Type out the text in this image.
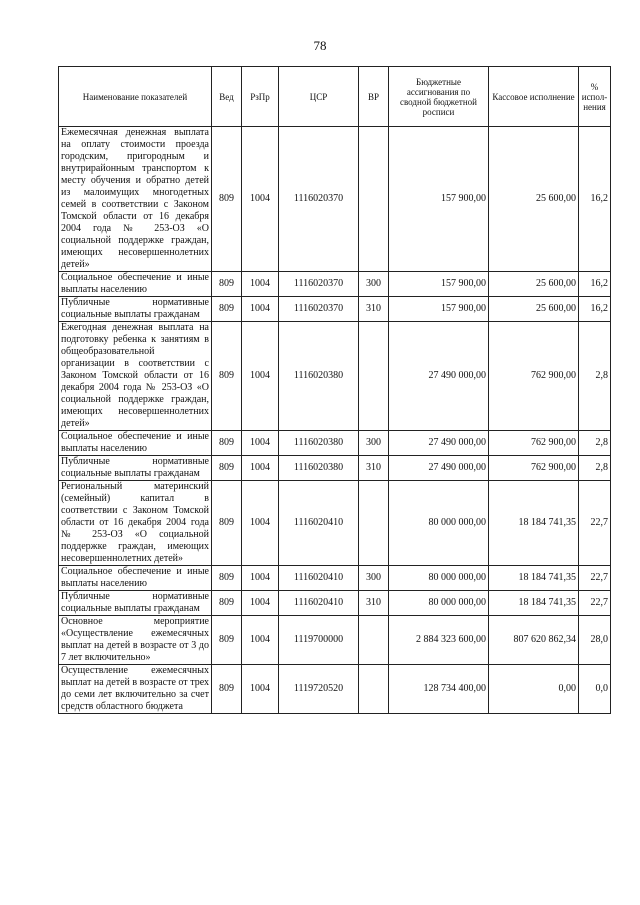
78
Наименование показателей	Вед	РзПр	ЦСР	ВР	Бюджетные ассигнования по сводной бюджетной росписи	Кассовое исполнение	% испол-нения
Ежемесячная денежная выплата на оплату стоимости проезда городским, пригородным и внутрирайонным транспортом к месту обучения и обратно детей из малоимущих многодетных семей в соответствии с Законом Томской области от 16 декабря 2004 года № 253-ОЗ «О социальной поддержке граждан, имеющих несовершеннолетних детей»	809	1004	1116020370		157 900,00	25 600,00	16,2
Социальное обеспечение и иные выплаты населению	809	1004	1116020370	300	157 900,00	25 600,00	16,2
Публичные нормативные социальные выплаты гражданам	809	1004	1116020370	310	157 900,00	25 600,00	16,2
Ежегодная денежная выплата на подготовку ребенка к занятиям в общеобразовательной организации в соответствии с Законом Томской области от 16 декабря 2004 года № 253-ОЗ «О социальной поддержке граждан, имеющих несовершеннолетних детей»	809	1004	1116020380		27 490 000,00	762 900,00	2,8
Социальное обеспечение и иные выплаты населению	809	1004	1116020380	300	27 490 000,00	762 900,00	2,8
Публичные нормативные социальные выплаты гражданам	809	1004	1116020380	310	27 490 000,00	762 900,00	2,8
Региональный материнский (семейный) капитал в соответствии с Законом Томской области от 16 декабря 2004 года № 253-ОЗ «О социальной поддержке граждан, имеющих несовершеннолетних детей»	809	1004	1116020410		80 000 000,00	18 184 741,35	22,7
Социальное обеспечение и иные выплаты населению	809	1004	1116020410	300	80 000 000,00	18 184 741,35	22,7
Публичные нормативные социальные выплаты гражданам	809	1004	1116020410	310	80 000 000,00	18 184 741,35	22,7
Основное мероприятие «Осуществление ежемесячных выплат на детей в возрасте от 3 до 7 лет включительно»	809	1004	1119700000		2 884 323 600,00	807 620 862,34	28,0
Осуществление ежемесячных выплат на детей в возрасте от трех до семи лет включительно за счет средств областного бюджета	809	1004	1119720520		128 734 400,00	0,00	0,0
